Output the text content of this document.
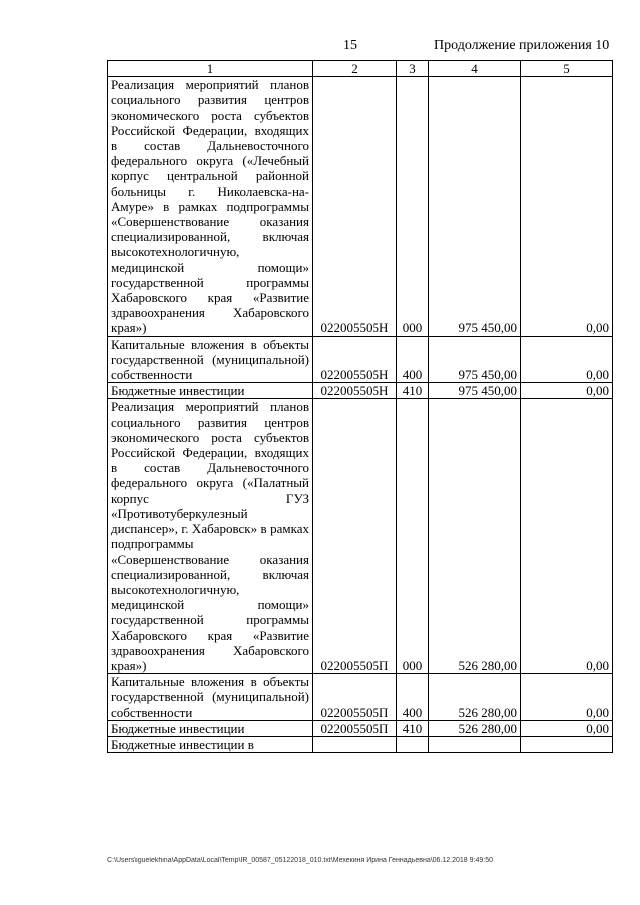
15	Продолжение приложения 10
1	2	3	4	5
Реализация мероприятий планов социального развития центров экономического роста субъектов Российской Федерации, входящих в состав Дальневосточного федерального округа («Лечебный корпус центральной районной больницы г. Николаевска-на-Амуре» в рамках подпрограммы «Совершенствование оказания специализированной, включая высокотехнологичную, медицинской помощи» государственной программы Хабаровского края «Развитие здравоохранения Хабаровского края»)	022005505Н	000	975 450,00	0,00
Капитальные вложения в объекты государственной (муниципальной) собственности	022005505Н	400	975 450,00	0,00
Бюджетные инвестиции	022005505Н	410	975 450,00	0,00
Реализация мероприятий планов социального развития центров экономического роста субъектов Российской Федерации, входящих в состав Дальневосточного федерального округа («Палатный корпус ГУЗ «Противотуберкулезный диспансер», г. Хабаровск» в рамках подпрограммы «Совершенствование оказания специализированной, включая высокотехнологичную, медицинской помощи» государственной программы Хабаровского края «Развитие здравоохранения Хабаровского края»)	022005505П	000	526 280,00	0,00
Капитальные вложения в объекты государственной (муниципальной) собственности	022005505П	400	526 280,00	0,00
Бюджетные инвестиции	022005505П	410	526 280,00	0,00
Бюджетные инвестиции в				
C:\Users\iguelekhina\AppData\Local\Temp\IR_00587_05122018_010.txt\Мехекиня Ирина Геннадьевна\06.12.2018 9:49:50
